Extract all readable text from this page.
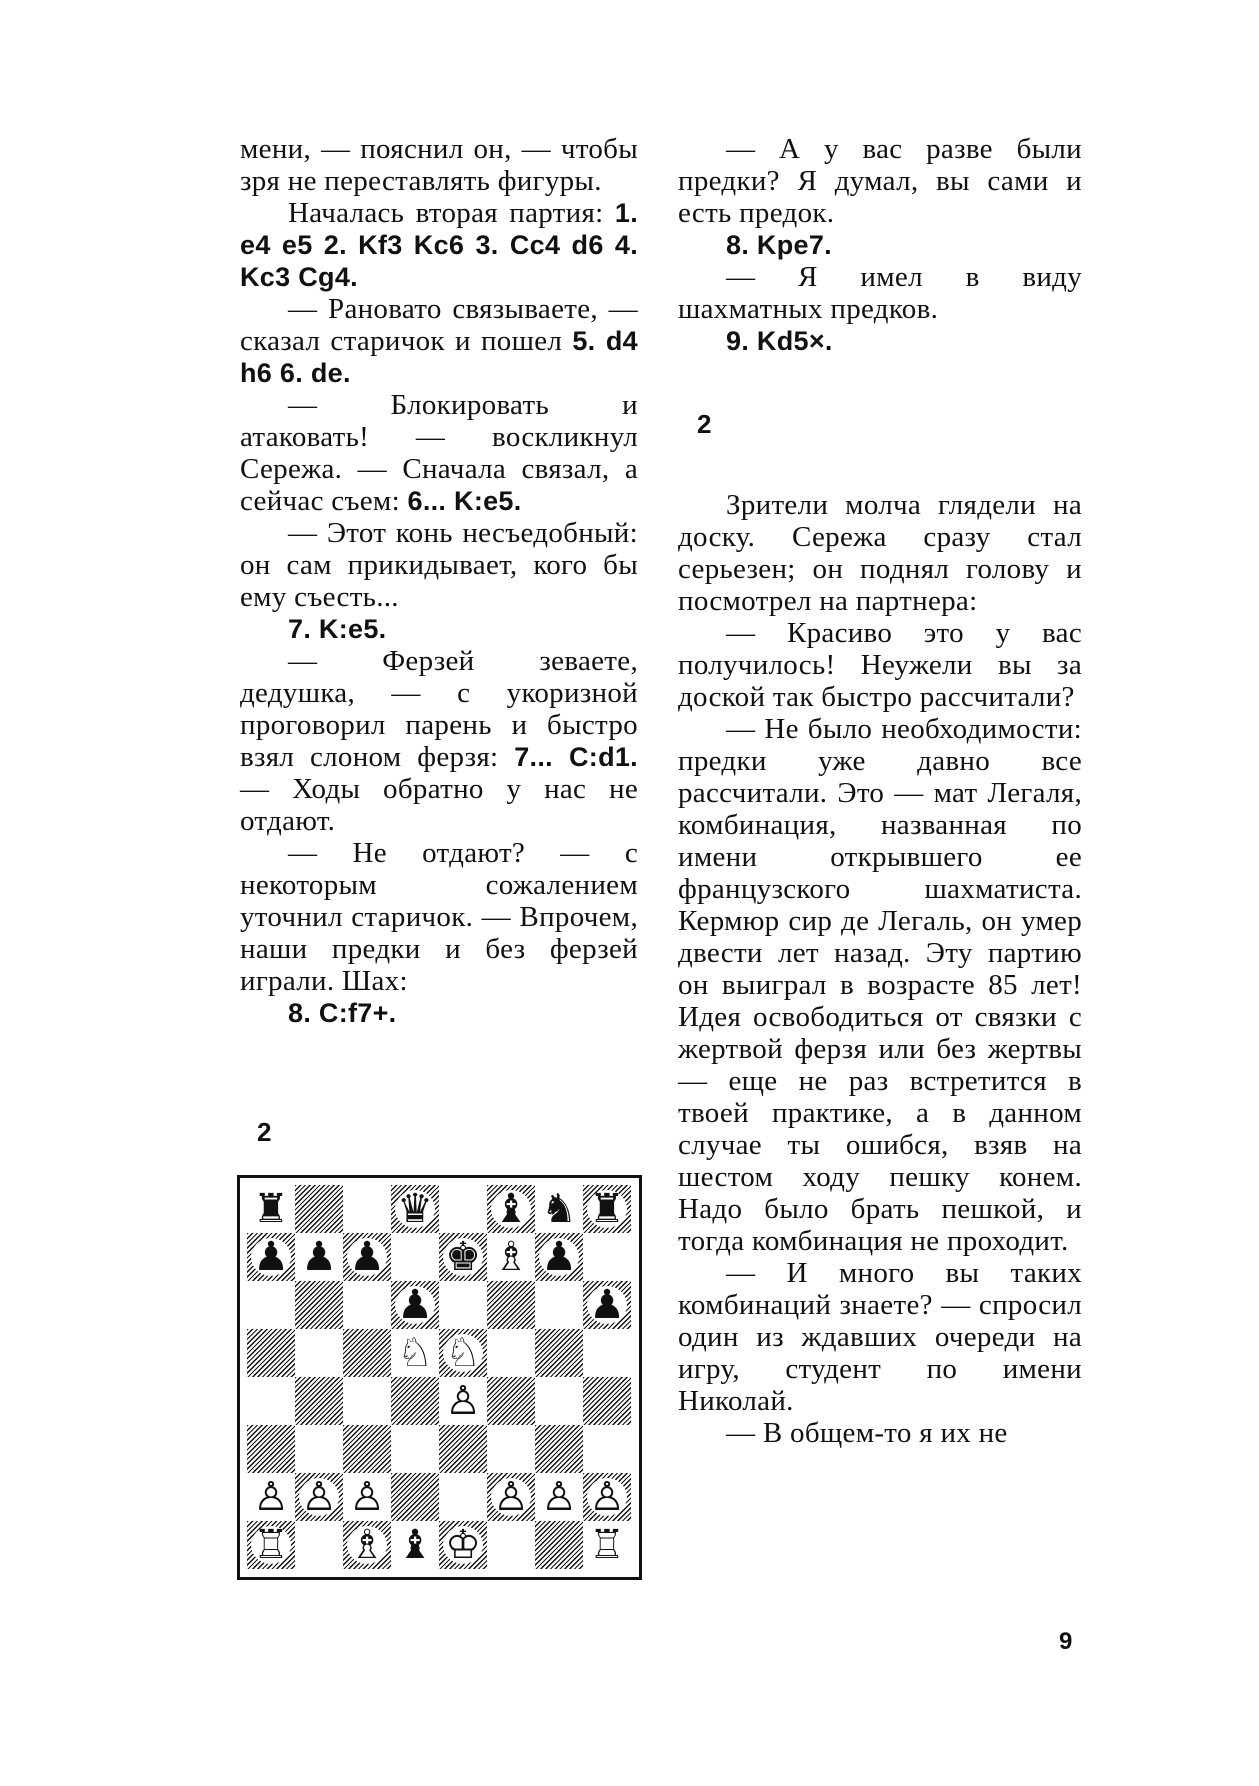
мени, — пояснил он, — чтобы зря не переставлять фигуры.

Началась вторая партия: 1. e4 e5 2. Kf3 Kc6 3. Cc4 d6 4. Kc3 Cg4.

— Рановато связываете, — сказал старичок и пошел 5. d4 h6 6. de.

— Блокировать и атаковать! — воскликнул Сережа. — Сначала связал, а сейчас съем: 6... K:e5.

— Этот конь несъедобный: он сам прикидывает, кого бы ему съесть...

7. K:e5.

— Ферзей зеваете, дедушка, — с укоризной проговорил парень и быстро взял слоном ферзя: 7... C:d1. — Ходы обратно у нас не отдают.

— Не отдают? — с некоторым сожалением уточнил старичок. — Впрочем, наши предки и без ферзей играли. Шах:

8. C:f7+.

2
♜	♛ ♝ ♞ ♜
♟ ♟ ♟ ♚ ♗ ♟
♟	♟
♘ ♘
♙
♙ ♙ ♙	♙ ♙ ♙
♖ ♗ ♝ ♔	♖

— А у вас разве были предки? Я думал, вы сами и есть предок.

8. Kpe7.

— Я имел в виду шахматных предков.

9. Kd5×.

Зрители молча глядели на доску. Сережа сразу стал серьезен; он поднял голову и посмотрел на партнера:

— Красиво это у вас получилось! Неужели вы за доской так быстро рассчитали?

— Не было необходимости: предки уже давно все рассчитали. Это — мат Легаля, комбинация, названная по имени открывшего ее французского шахматиста. Кермюр сир де Легаль, он умер двести лет назад. Эту партию он выиграл в возрасте 85 лет! Идея освободиться от связки с жертвой ферзя или без жертвы — еще не раз встретится в твоей практике, а в данном случае ты ошибся, взяв на шестом ходу пешку конем. Надо было брать пешкой, и тогда комбинация не проходит.

— И много вы таких комбинаций знаете? — спросил один из ждавших очереди на игру, студент по имени Николай.

— В общем-то я их не

2
9
